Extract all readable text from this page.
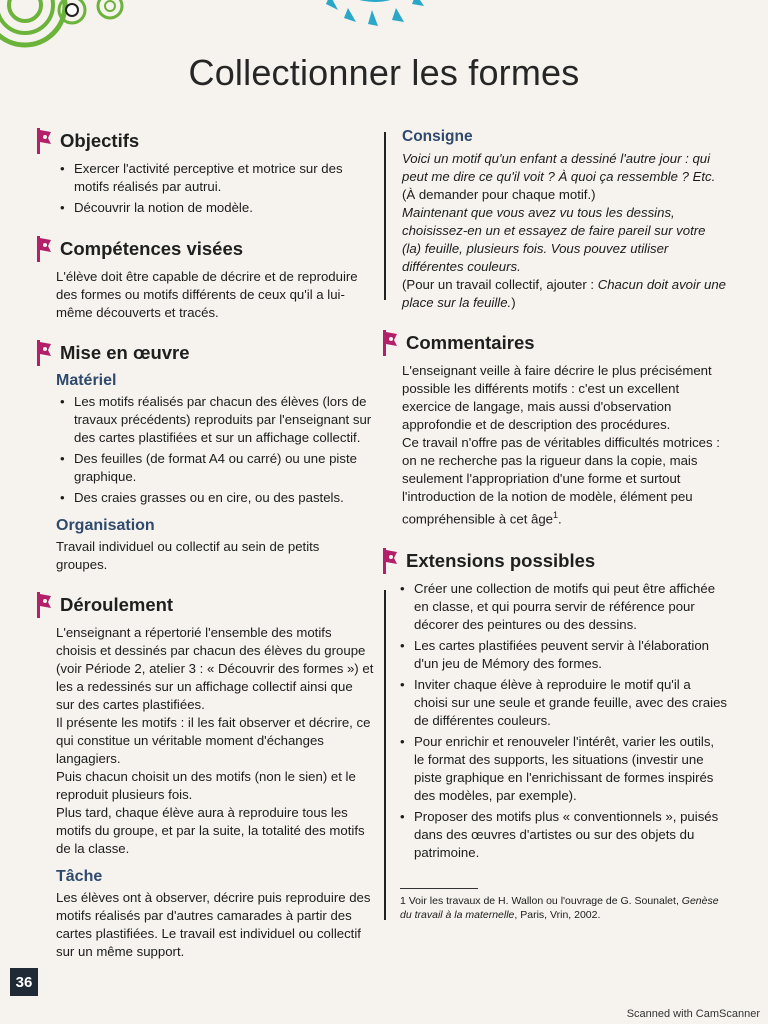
Collectionner les formes
Objectifs
• Exercer l'activité perceptive et motrice sur des motifs réalisés par autrui.
• Découvrir la notion de modèle.
Compétences visées

L'élève doit être capable de décrire et de reproduire des formes ou motifs différents de ceux qu'il a lui-même découverts et tracés.

Mise en œuvre
Matériel
• Les motifs réalisés par chacun des élèves (lors de travaux précédents) reproduits par l'enseignant sur des cartes plastifiées et sur un affichage collectif.
• Des feuilles (de format A4 ou carré) ou une piste graphique.
• Des craies grasses ou en cire, ou des pastels.
Organisation

Travail individuel ou collectif au sein de petits groupes.

Déroulement

L'enseignant a répertorié l'ensemble des motifs choisis et dessinés par chacun des élèves du groupe (voir Période 2, atelier 3 : « Découvrir des formes ») et les a redessinés sur un affichage collectif ainsi que sur des cartes plastifiées.

Il présente les motifs : il les fait observer et décrire, ce qui constitue un véritable moment d'échanges langagiers.

Puis chacun choisit un des motifs (non le sien) et le reproduit plusieurs fois.

Plus tard, chaque élève aura à reproduire tous les motifs du groupe, et par la suite, la totalité des motifs de la classe.

Tâche

Les élèves ont à observer, décrire puis reproduire des motifs réalisés par d'autres camarades à partir des cartes plastifiées. Le travail est individuel ou collectif sur un même support.

Consigne

Voici un motif qu'un enfant a dessiné l'autre jour : qui peut me dire ce qu'il voit ? À quoi ça ressemble ? Etc.

(À demander pour chaque motif.)

Maintenant que vous avez vu tous les dessins, choisissez-en un et essayez de faire pareil sur votre (la) feuille, plusieurs fois. Vous pouvez utiliser différentes couleurs.

(Pour un travail collectif, ajouter : Chacun doit avoir une place sur la feuille.)

Commentaires

L'enseignant veille à faire décrire le plus précisément possible les différents motifs : c'est un excellent exercice de langage, mais aussi d'observation approfondie et de description des procédures.

Ce travail n'offre pas de véritables difficultés motrices : on ne recherche pas la rigueur dans la copie, mais seulement l'appropriation d'une forme et surtout l'introduction de la notion de modèle, élément peu compréhensible à cet âge$^1$.

Extensions possibles
• Créer une collection de motifs qui peut être affichée en classe, et qui pourra servir de référence pour décorer des peintures ou des dessins.
• Les cartes plastifiées peuvent servir à l'élaboration d'un jeu de Mémory des formes.
• Inviter chaque élève à reproduire le motif qu'il a choisi sur une seule et grande feuille, avec des craies de différentes couleurs.
• Pour enrichir et renouveler l'intérêt, varier les outils, le format des supports, les situations (investir une piste graphique en l'enrichissant de formes inspirés des modèles, par exemple).
• Proposer des motifs plus « conventionnels », puisés dans des œuvres d'artistes ou sur des objets du patrimoine.
1 Voir les travaux de H. Wallon ou l'ouvrage de G. Sounalet, Genèse du travail à la maternelle, Paris, Vrin, 2002.
36
Scanned with CamScanner
